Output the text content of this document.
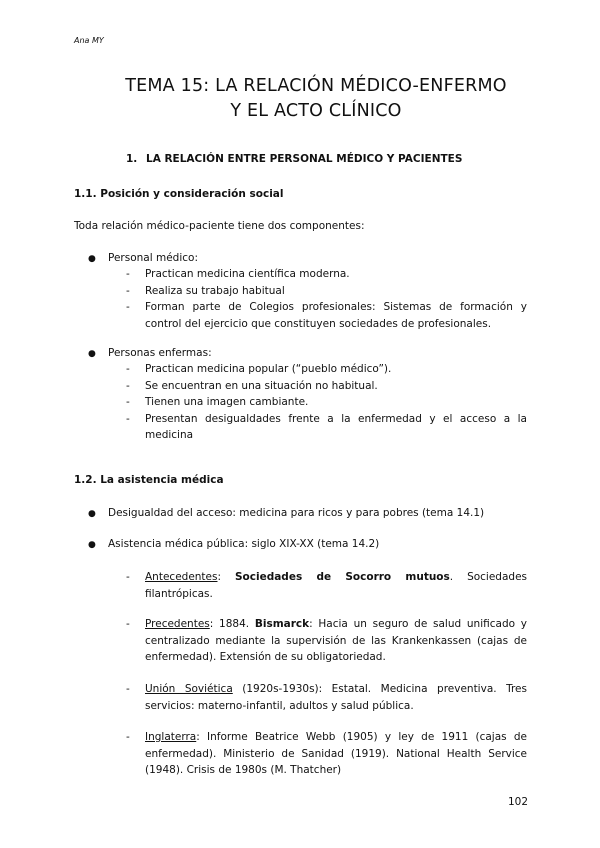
Ana MY
TEMA 15: LA RELACIÓN MÉDICO-ENFERMO
Y EL ACTO CLÍNICO
1. LA RELACIÓN ENTRE PERSONAL MÉDICO Y PACIENTES
1.1. Posición y consideración social
Toda relación médico-paciente tiene dos componentes:
● Personal médico:
- Practican medicina científica moderna.
- Realiza su trabajo habitual
- Forman parte de Colegios profesionales: Sistemas de formación y control del ejercicio que constituyen sociedades de profesionales.
● Personas enfermas:
- Practican medicina popular (“pueblo médico”).
- Se encuentran en una situación no habitual.
- Tienen una imagen cambiante.
- Presentan desigualdades frente a la enfermedad y el acceso a la medicina
1.2. La asistencia médica
● Desigualdad del acceso: medicina para ricos y para pobres (tema 14.1)
● Asistencia médica pública: siglo XIX-XX (tema 14.2)
- Antecedentes: Sociedades de Socorro mutuos. Sociedades filantrópicas.
- Precedentes: 1884. Bismarck: Hacia un seguro de salud unificado y centralizado mediante la supervisión de las Krankenkassen (cajas de enfermedad). Extensión de su obligatoriedad.
- Unión Soviética (1920s-1930s): Estatal. Medicina preventiva. Tres servicios: materno-infantil, adultos y salud pública.
- Inglaterra: Informe Beatrice Webb (1905) y ley de 1911 (cajas de enfermedad). Ministerio de Sanidad (1919). National Health Service (1948). Crisis de 1980s (M. Thatcher)
102
